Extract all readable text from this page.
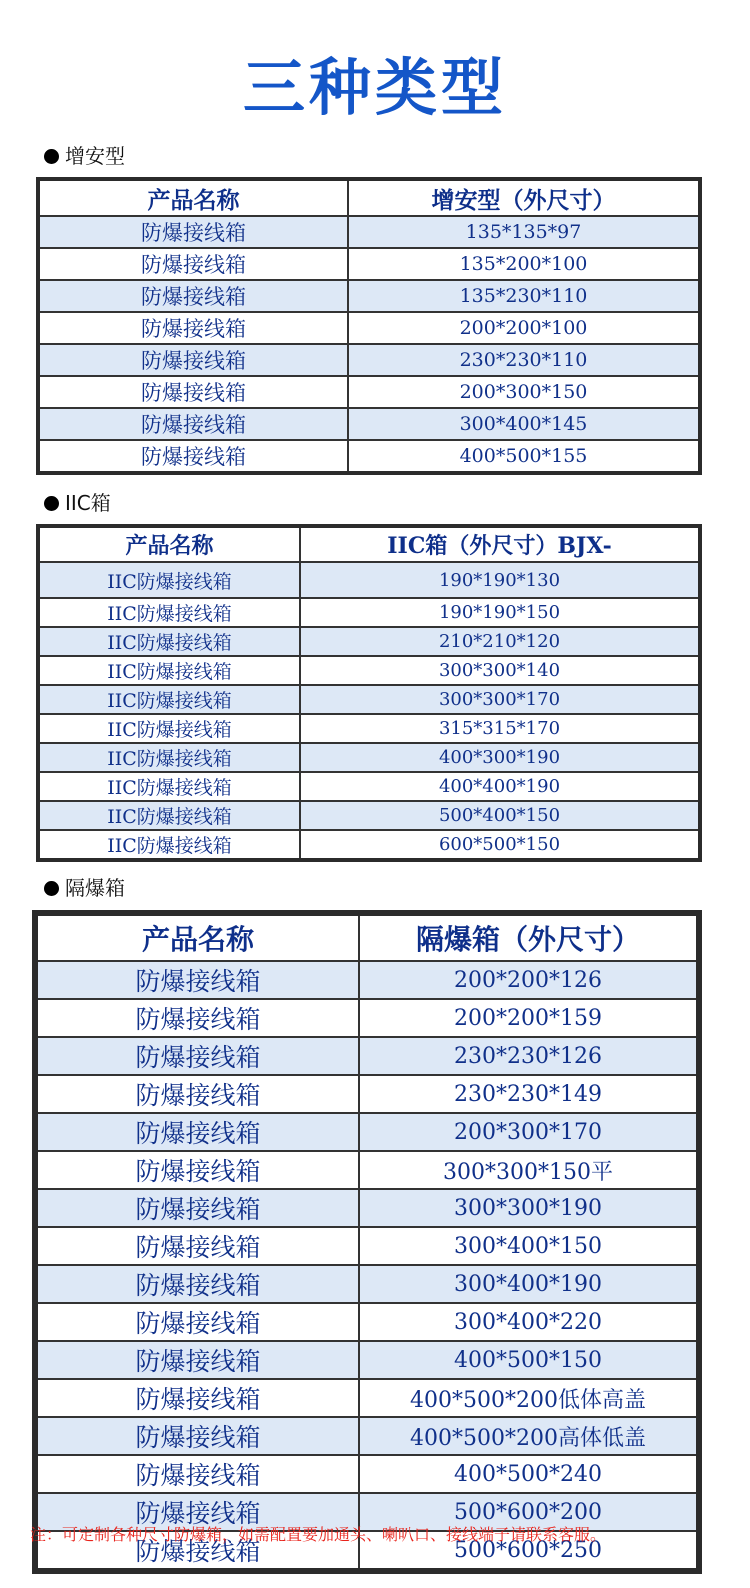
三种类型
增安型
产品名称	增安型（外尺寸）
防爆接线箱	135*135*97
防爆接线箱	135*200*100
防爆接线箱	135*230*110
防爆接线箱	200*200*100
防爆接线箱	230*230*110
防爆接线箱	200*300*150
防爆接线箱	300*400*145
防爆接线箱	400*500*155
IIC箱
产品名称	IIC箱（外尺寸）BJX-
IIC防爆接线箱	190*190*130
IIC防爆接线箱	190*190*150
IIC防爆接线箱	210*210*120
IIC防爆接线箱	300*300*140
IIC防爆接线箱	300*300*170
IIC防爆接线箱	315*315*170
IIC防爆接线箱	400*300*190
IIC防爆接线箱	400*400*190
IIC防爆接线箱	500*400*150
IIC防爆接线箱	600*500*150
隔爆箱
产品名称	隔爆箱（外尺寸）
防爆接线箱	200*200*126
防爆接线箱	200*200*159
防爆接线箱	230*230*126
防爆接线箱	230*230*149
防爆接线箱	200*300*170
防爆接线箱	300*300*150平
防爆接线箱	300*300*190
防爆接线箱	300*400*150
防爆接线箱	300*400*190
防爆接线箱	300*400*220
防爆接线箱	400*500*150
防爆接线箱	400*500*200低体高盖
防爆接线箱	400*500*200高体低盖
防爆接线箱	400*500*240
防爆接线箱	500*600*200
防爆接线箱	500*600*250
注：可定制各种尺寸防爆箱，如需配置要加通头、喇叭口、接线端子请联系客服。
